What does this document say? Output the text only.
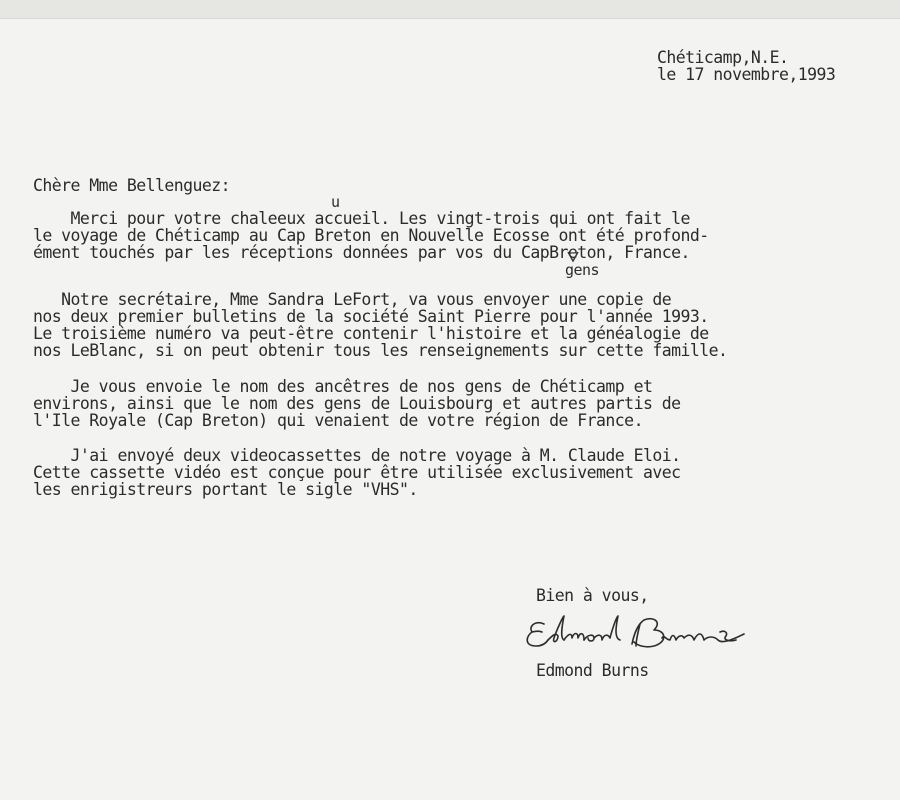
Chéticamp,N.E.
le 17 novembre,1993
Chère Mme Bellenguez:
u
Merci pour votre chaleeux accueil. Les vingt-trois qui ont fait le
le voyage de Chéticamp au Cap Breton en Nouvelle Ecosse ont été profond-
ément touchés par les réceptions données par vos du CapBreton, France.
gens
Notre secrétaire, Mme Sandra LeFort, va vous envoyer une copie de
nos deux premier bulletins de la société Saint Pierre pour l'année 1993.
Le troisième numéro va peut-être contenir l'histoire et la généalogie de
nos LeBlanc, si on peut obtenir tous les renseignements sur cette famille.
Je vous envoie le nom des ancêtres de nos gens de Chéticamp et
environs, ainsi que le nom des gens de Louisbourg et autres partis de
l'Ile Royale (Cap Breton) qui venaient de votre région de France.
J'ai envoyé deux videocassettes de notre voyage à M. Claude Eloi.
Cette cassette vidéo est conçue pour être utilisée exclusivement avec
les enrigistreurs portant le sigle "VHS".
Bien à vous,
Edmond Burns
